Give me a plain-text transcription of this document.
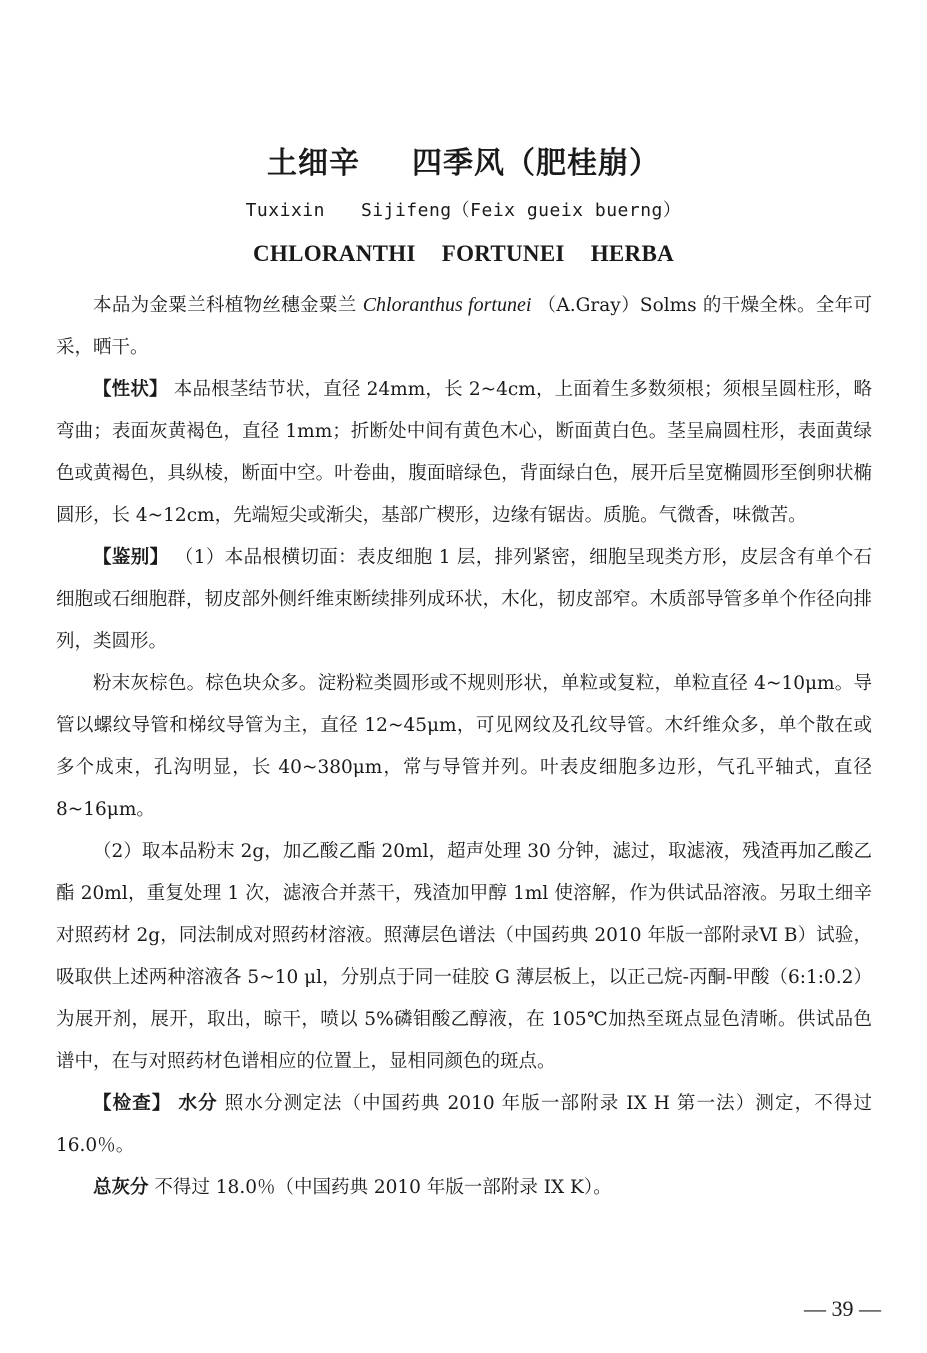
土细辛 四季风（肥桂崩）
Tuxixin Sijifeng（Feix gueix buerng）
CHLORANTHI FORTUNEI HERBA

本品为金粟兰科植物丝穗金粟兰 Chloranthus fortunei （A.Gray）Solms 的干燥全株。全年可采，晒干。

【性状】 本品根茎结节状，直径 24mm，长 2~4cm，上面着生多数须根；须根呈圆柱形，略弯曲；表面灰黄褐色，直径 1mm；折断处中间有黄色木心，断面黄白色。茎呈扁圆柱形，表面黄绿色或黄褐色，具纵棱，断面中空。叶卷曲，腹面暗绿色，背面绿白色，展开后呈宽椭圆形至倒卵状椭圆形，长 4~12cm，先端短尖或渐尖，基部广楔形，边缘有锯齿。质脆。气微香，味微苦。

【鉴别】 （1）本品根横切面：表皮细胞 1 层，排列紧密，细胞呈现类方形，皮层含有单个石细胞或石细胞群，韧皮部外侧纤维束断续排列成环状，木化，韧皮部窄。木质部导管多单个作径向排列，类圆形。

粉末灰棕色。棕色块众多。淀粉粒类圆形或不规则形状，单粒或复粒，单粒直径 4~10μm。导管以螺纹导管和梯纹导管为主，直径 12~45μm，可见网纹及孔纹导管。木纤维众多，单个散在或多个成束，孔沟明显，长 40~380μm，常与导管并列。叶表皮细胞多边形，气孔平轴式，直径 8~16μm。

（2）取本品粉末 2g，加乙酸乙酯 20ml，超声处理 30 分钟，滤过，取滤液，残渣再加乙酸乙酯 20ml，重复处理 1 次，滤液合并蒸干，残渣加甲醇 1ml 使溶解，作为供试品溶液。另取土细辛对照药材 2g，同法制成对照药材溶液。照薄层色谱法（中国药典 2010 年版一部附录Ⅵ B）试验，吸取供上述两种溶液各 5~10 μl，分别点于同一硅胶 G 薄层板上，以正己烷-丙酮-甲酸（6:1:0.2）为展开剂，展开，取出，晾干，喷以 5%磷钼酸乙醇液，在 105℃加热至斑点显色清晰。供试品色谱中，在与对照药材色谱相应的位置上，显相同颜色的斑点。

【检查】 水分 照水分测定法（中国药典 2010 年版一部附录 IX H 第一法）测定，不得过 16.0％。

总灰分 不得过 18.0％（中国药典 2010 年版一部附录 IX K）。

— 39 —
